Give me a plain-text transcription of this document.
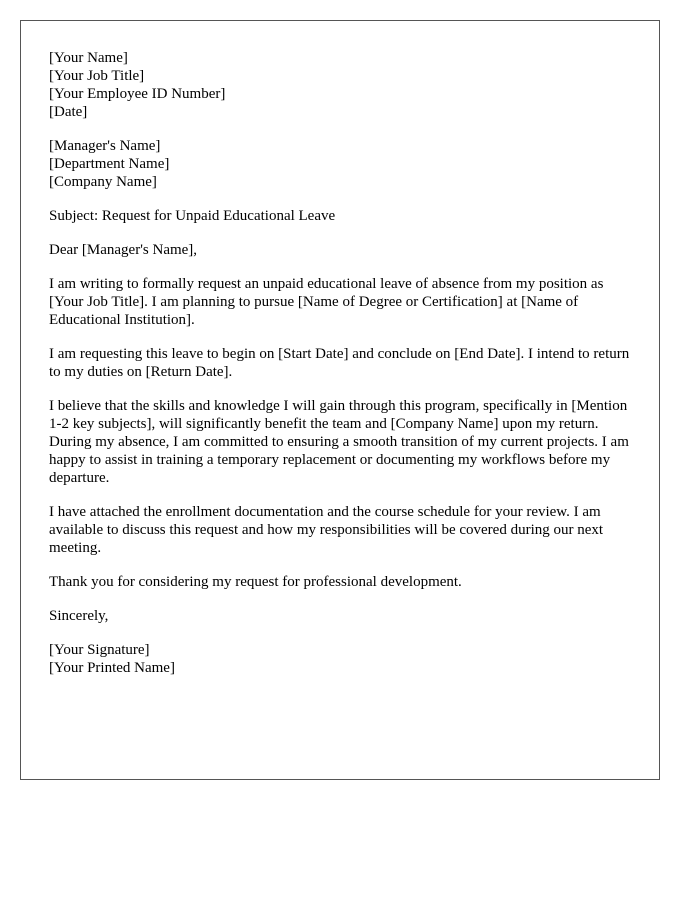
[Your Name]
[Your Job Title]
[Your Employee ID Number]
[Date]
[Manager's Name]
[Department Name]
[Company Name]

Subject: Request for Unpaid Educational Leave

Dear [Manager's Name],

I am writing to formally request an unpaid educational leave of absence from my position as [Your Job Title]. I am planning to pursue [Name of Degree or Certification] at [Name of Educational Institution].

I am requesting this leave to begin on [Start Date] and conclude on [End Date]. I intend to return to my duties on [Return Date].

I believe that the skills and knowledge I will gain through this program, specifically in [Mention 1-2 key subjects], will significantly benefit the team and [Company Name] upon my return. During my absence, I am committed to ensuring a smooth transition of my current projects. I am happy to assist in training a temporary replacement or documenting my workflows before my departure.

I have attached the enrollment documentation and the course schedule for your review. I am available to discuss this request and how my responsibilities will be covered during our next meeting.

Thank you for considering my request for professional development.

Sincerely,

[Your Signature]
[Your Printed Name]
